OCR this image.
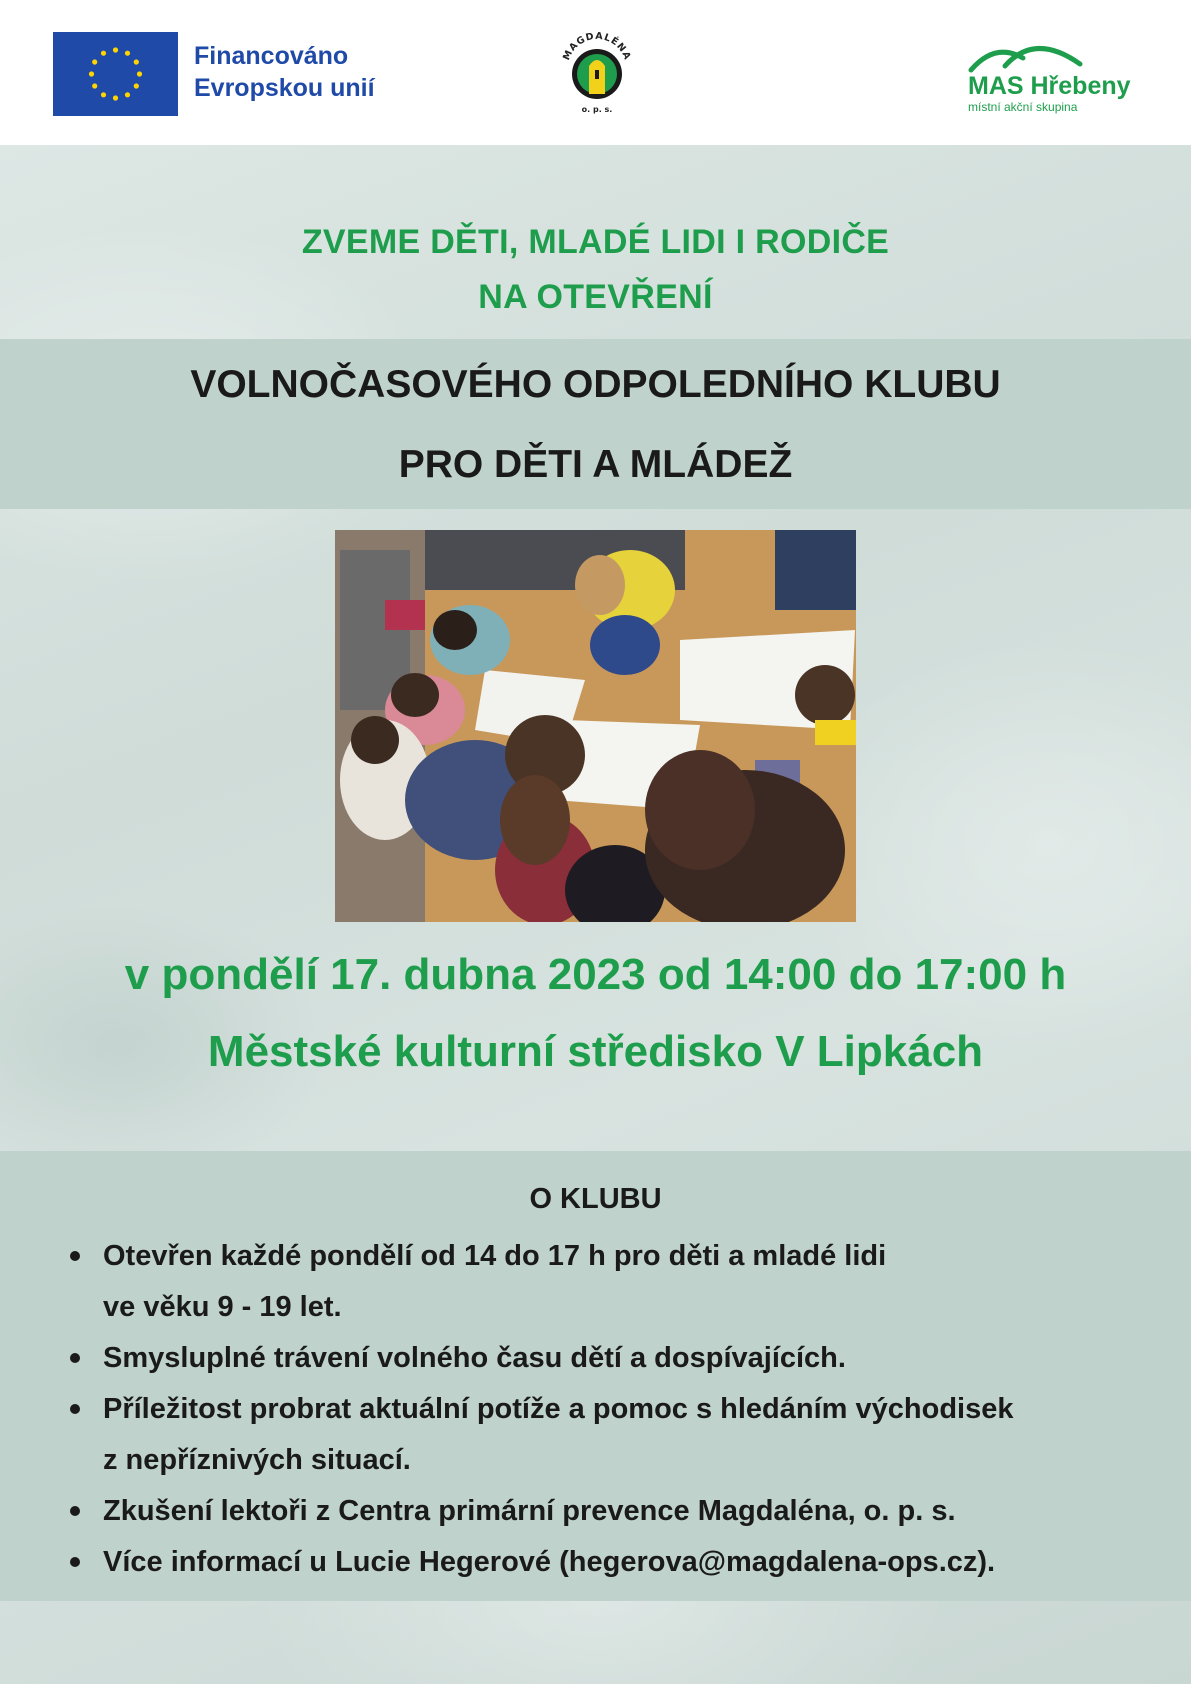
Financováno
Evropskou unií
MAGDALÉNA
o. p. s.
MAS Hřebeny
místní akční skupina
ZVEME DĚTI, MLADÉ LIDI I RODIČE
NA OTEVŘENÍ
VOLNOČASOVÉHO ODPOLEDNÍHO KLUBU
PRO DĚTI A MLÁDEŽ
v pondělí 17. dubna 2023 od 14:00 do 17:00 h
Městské kulturní středisko V Lipkách
O KLUBU
Otevřen každé pondělí od 14 do 17 h pro děti a mladé lidi
ve věku 9 - 19 let.
Smysluplné trávení volného času dětí a dospívajících.
Příležitost probrat aktuální potíže a pomoc s hledáním východisek
z nepříznivých situací.
Zkušení lektoři z Centra primární prevence Magdaléna, o. p. s.
Více informací u Lucie Hegerové (hegerova@magdalena-ops.cz).
